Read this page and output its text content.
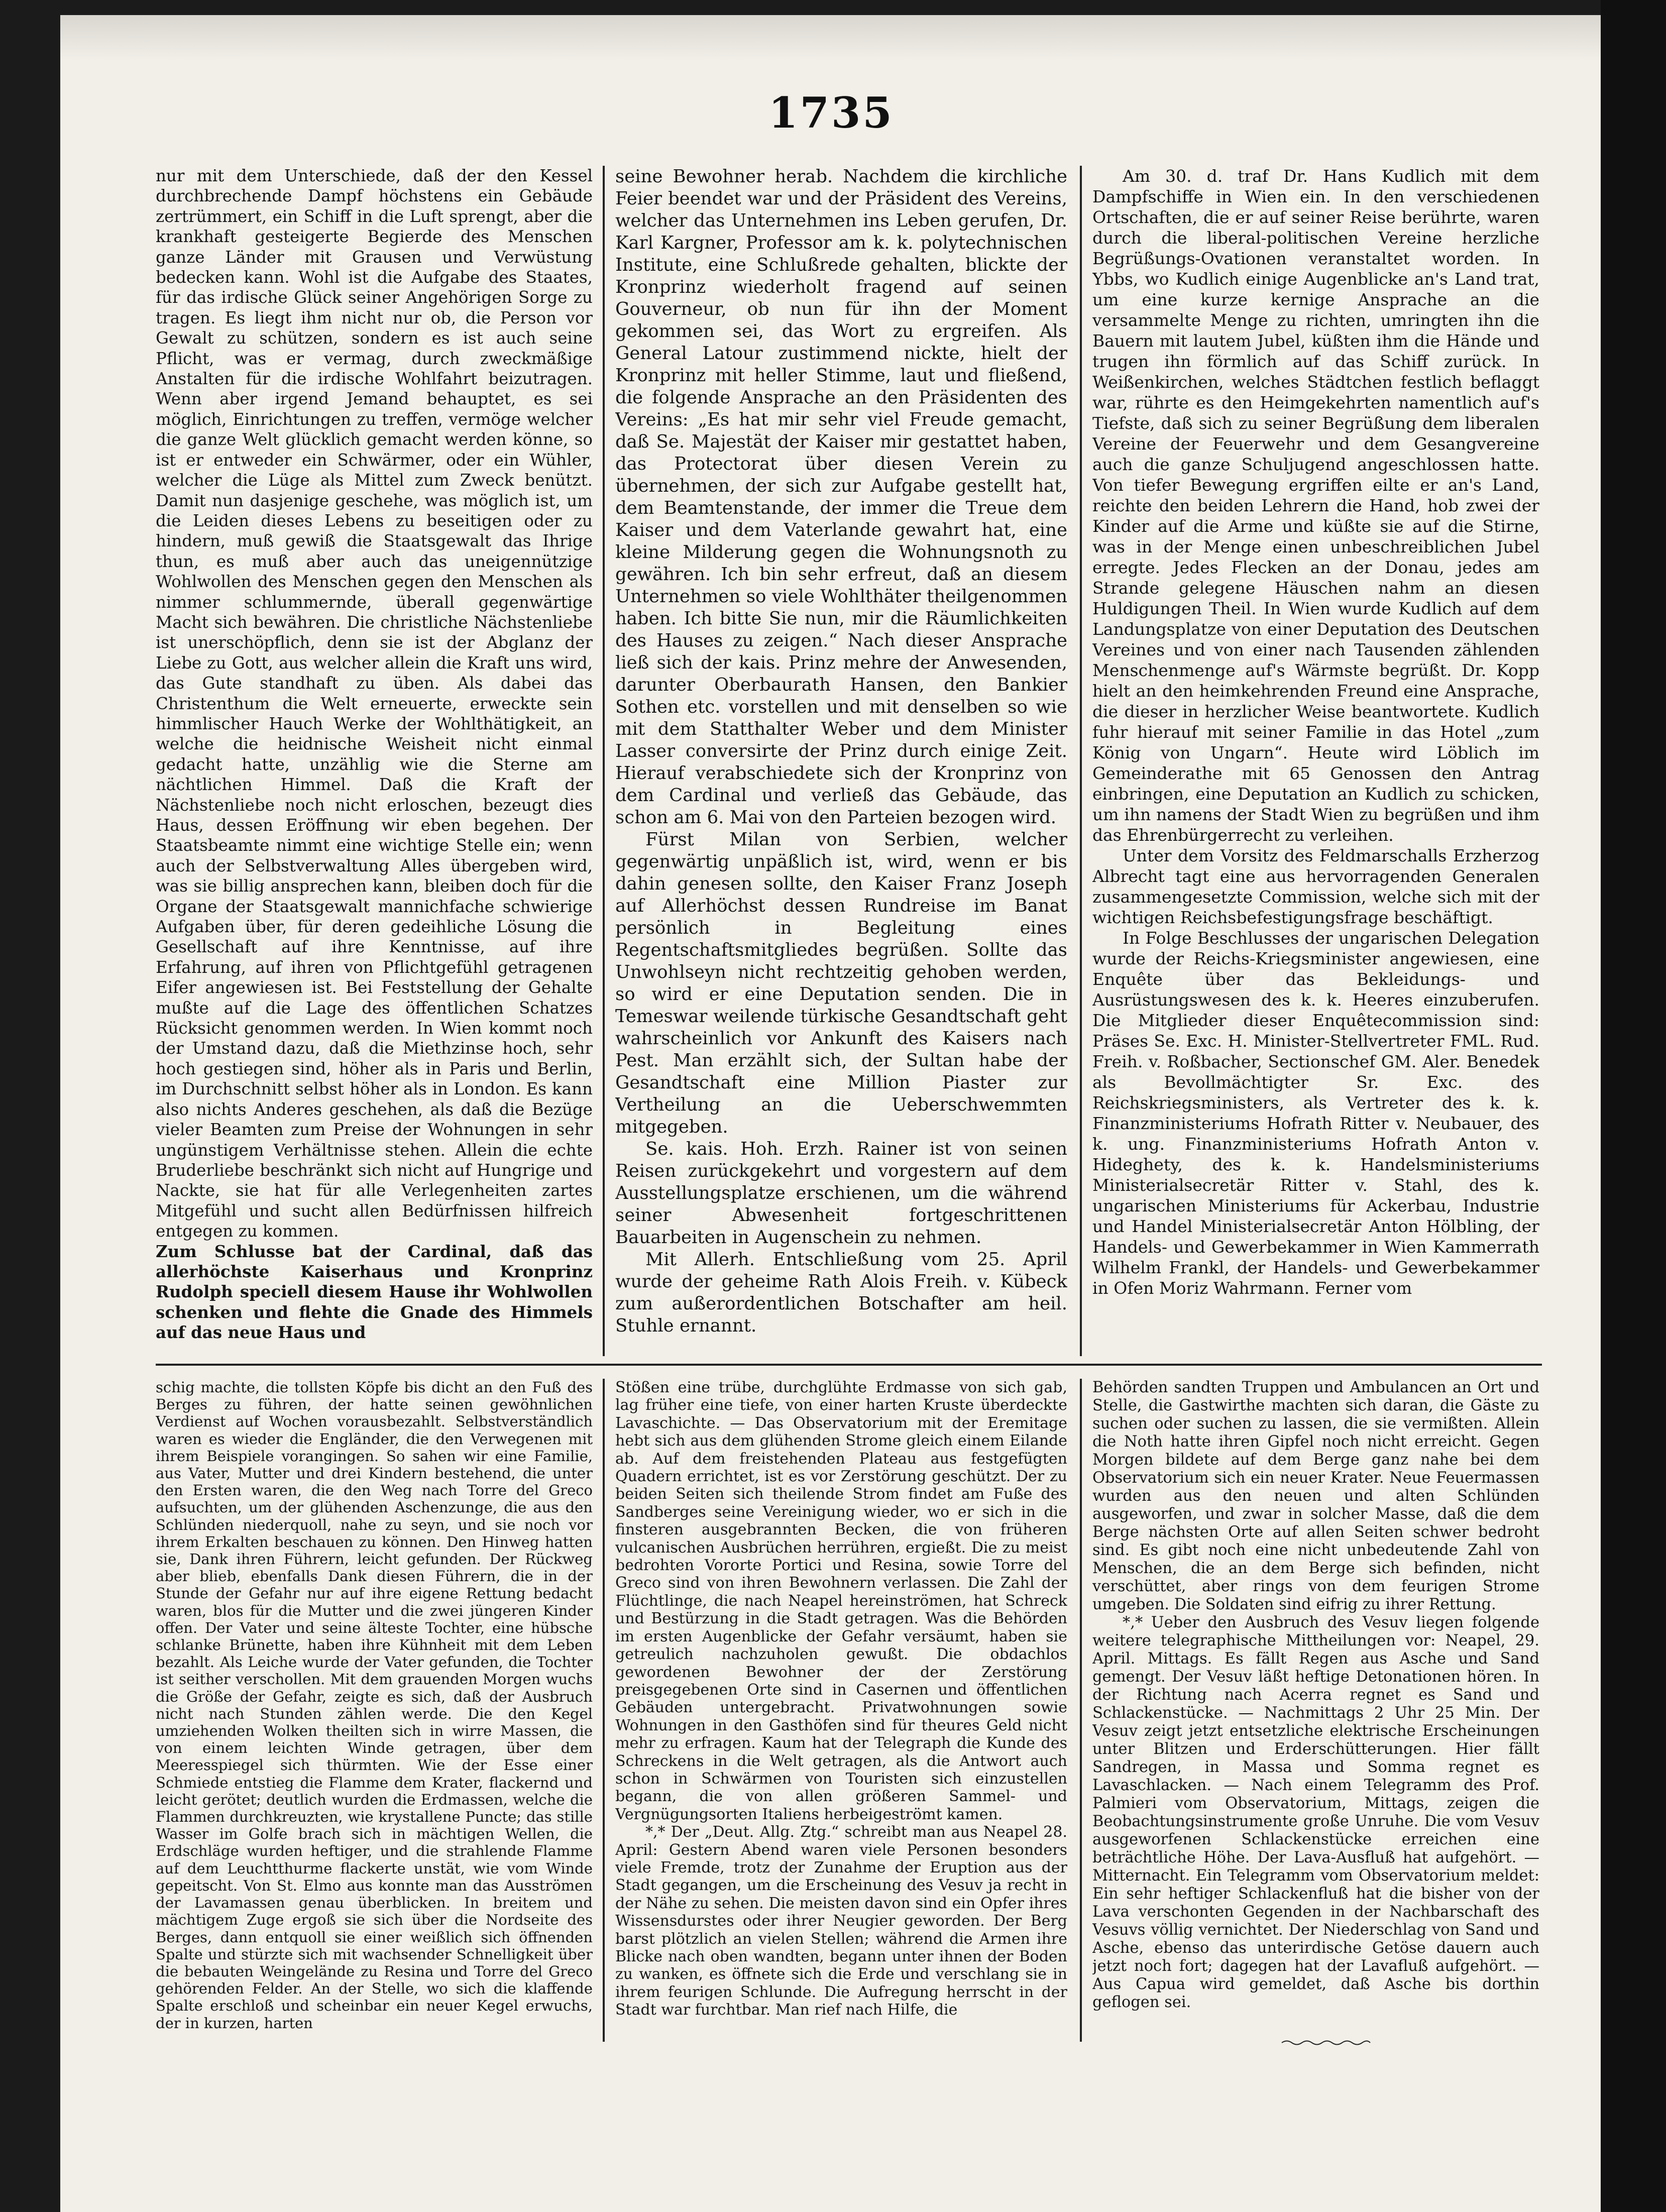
1735

nur mit dem Unterschiede, daß der den Kessel durchbrechende Dampf höchstens ein Gebäude zertrümmert, ein Schiff in die Luft sprengt, aber die krankhaft gesteigerte Begierde des Menschen ganze Länder mit Grausen und Verwüstung bedecken kann. Wohl ist die Aufgabe des Staates, für das irdische Glück seiner Angehörigen Sorge zu tragen. Es liegt ihm nicht nur ob, die Person vor Gewalt zu schützen, sondern es ist auch seine Pflicht, was er vermag, durch zweckmäßige Anstalten für die irdische Wohlfahrt beizutragen. Wenn aber irgend Jemand behauptet, es sei möglich, Einrichtungen zu treffen, vermöge welcher die ganze Welt glücklich gemacht werden könne, so ist er entweder ein Schwärmer, oder ein Wühler, welcher die Lüge als Mittel zum Zweck benützt. Damit nun dasjenige geschehe, was möglich ist, um die Leiden dieses Lebens zu beseitigen oder zu hindern, muß gewiß die Staatsgewalt das Ihrige thun, es muß aber auch das uneigennützige Wohlwollen des Menschen gegen den Menschen als nimmer schlummernde, überall gegenwärtige Macht sich bewähren. Die christliche Nächstenliebe ist unerschöpflich, denn sie ist der Abglanz der Liebe zu Gott, aus welcher allein die Kraft uns wird, das Gute standhaft zu üben. Als dabei das Christenthum die Welt erneuerte, erweckte sein himmlischer Hauch Werke der Wohlthätigkeit, an welche die heidnische Weisheit nicht einmal gedacht hatte, unzählig wie die Sterne am nächtlichen Himmel. Daß die Kraft der Nächstenliebe noch nicht erloschen, bezeugt dies Haus, dessen Eröffnung wir eben begehen. Der Staatsbeamte nimmt eine wichtige Stelle ein; wenn auch der Selbstverwaltung Alles übergeben wird, was sie billig ansprechen kann, bleiben doch für die Organe der Staatsgewalt mannichfache schwierige Aufgaben über, für deren gedeihliche Lösung die Gesellschaft auf ihre Kenntnisse, auf ihre Erfahrung, auf ihren von Pflichtgefühl getragenen Eifer angewiesen ist. Bei Feststellung der Gehalte mußte auf die Lage des öffentlichen Schatzes Rücksicht genommen werden. In Wien kommt noch der Umstand dazu, daß die Miethzinse hoch, sehr hoch gestiegen sind, höher als in Paris und Berlin, im Durchschnitt selbst höher als in London. Es kann also nichts Anderes geschehen, als daß die Bezüge vieler Beamten zum Preise der Wohnungen in sehr ungünstigem Verhältnisse stehen. Allein die echte Bruderliebe beschränkt sich nicht auf Hungrige und Nackte, sie hat für alle Verlegenheiten zartes Mitgefühl und sucht allen Bedürfnissen hilfreich entgegen zu kommen.

Zum Schlusse bat der Cardinal, daß das allerhöchste Kaiserhaus und Kronprinz Rudolph speciell diesem Hause ihr Wohlwollen schenken und flehte die Gnade des Himmels auf das neue Haus und

seine Bewohner herab. Nachdem die kirchliche Feier beendet war und der Präsident des Vereins, welcher das Unternehmen ins Leben gerufen, Dr. Karl Kargner, Professor am k. k. polytechnischen Institute, eine Schlußrede gehalten, blickte der Kronprinz wiederholt fragend auf seinen Gouverneur, ob nun für ihn der Moment gekommen sei, das Wort zu ergreifen. Als General Latour zustimmend nickte, hielt der Kronprinz mit heller Stimme, laut und fließend, die folgende Ansprache an den Präsidenten des Vereins: „Es hat mir sehr viel Freude gemacht, daß Se. Majestät der Kaiser mir gestattet haben, das Protectorat über diesen Verein zu übernehmen, der sich zur Aufgabe gestellt hat, dem Beamtenstande, der immer die Treue dem Kaiser und dem Vaterlande gewahrt hat, eine kleine Milderung gegen die Wohnungsnoth zu gewähren. Ich bin sehr erfreut, daß an diesem Unternehmen so viele Wohlthäter theilgenommen haben. Ich bitte Sie nun, mir die Räumlichkeiten des Hauses zu zeigen.“ Nach dieser Ansprache ließ sich der kais. Prinz mehre der Anwesenden, darunter Oberbaurath Hansen, den Bankier Sothen etc. vorstellen und mit denselben so wie mit dem Statthalter Weber und dem Minister Lasser conversirte der Prinz durch einige Zeit. Hierauf verabschiedete sich der Kronprinz von dem Cardinal und verließ das Gebäude, das schon am 6. Mai von den Parteien bezogen wird.

Fürst Milan von Serbien, welcher gegenwärtig unpäßlich ist, wird, wenn er bis dahin genesen sollte, den Kaiser Franz Joseph auf Allerhöchst dessen Rundreise im Banat persönlich in Begleitung eines Regentschaftsmitgliedes begrüßen. Sollte das Unwohlseyn nicht rechtzeitig gehoben werden, so wird er eine Deputation senden. Die in Temeswar weilende türkische Gesandtschaft geht wahrscheinlich vor Ankunft des Kaisers nach Pest. Man erzählt sich, der Sultan habe der Gesandtschaft eine Million Piaster zur Vertheilung an die Ueberschwemmten mitgegeben.

Se. kais. Hoh. Erzh. Rainer ist von seinen Reisen zurückgekehrt und vorgestern auf dem Ausstellungsplatze erschienen, um die während seiner Abwesenheit fortgeschrittenen Bauarbeiten in Augenschein zu nehmen.

Mit Allerh. Entschließung vom 25. April wurde der geheime Rath Alois Freih. v. Kübeck zum außerordentlichen Botschafter am heil. Stuhle ernannt.

Am 30. d. traf Dr. Hans Kudlich mit dem Dampfschiffe in Wien ein. In den verschiedenen Ortschaften, die er auf seiner Reise berührte, waren durch die liberal-politischen Vereine herzliche Begrüßungs-Ovationen veranstaltet worden. In Ybbs, wo Kudlich einige Augenblicke an's Land trat, um eine kurze kernige Ansprache an die versammelte Menge zu richten, umringten ihn die Bauern mit lautem Jubel, küßten ihm die Hände und trugen ihn förmlich auf das Schiff zurück. In Weißenkirchen, welches Städtchen festlich beflaggt war, rührte es den Heimgekehrten namentlich auf's Tiefste, daß sich zu seiner Begrüßung dem liberalen Vereine der Feuerwehr und dem Gesangvereine auch die ganze Schuljugend angeschlossen hatte. Von tiefer Bewegung ergriffen eilte er an's Land, reichte den beiden Lehrern die Hand, hob zwei der Kinder auf die Arme und küßte sie auf die Stirne, was in der Menge einen unbeschreiblichen Jubel erregte. Jedes Flecken an der Donau, jedes am Strande gelegene Häuschen nahm an diesen Huldigungen Theil. In Wien wurde Kudlich auf dem Landungsplatze von einer Deputation des Deutschen Vereines und von einer nach Tausenden zählenden Menschenmenge auf's Wärmste begrüßt. Dr. Kopp hielt an den heimkehrenden Freund eine Ansprache, die dieser in herzlicher Weise beantwortete. Kudlich fuhr hierauf mit seiner Familie in das Hotel „zum König von Ungarn“. Heute wird Löblich im Gemeinderathe mit 65 Genossen den Antrag einbringen, eine Deputation an Kudlich zu schicken, um ihn namens der Stadt Wien zu begrüßen und ihm das Ehrenbürgerrecht zu verleihen.

Unter dem Vorsitz des Feldmarschalls Erzherzog Albrecht tagt eine aus hervorragenden Generalen zusammengesetzte Commission, welche sich mit der wichtigen Reichsbefestigungsfrage beschäftigt.

In Folge Beschlusses der ungarischen Delegation wurde der Reichs-Kriegsminister angewiesen, eine Enquête über das Bekleidungs- und Ausrüstungswesen des k. k. Heeres einzuberufen. Die Mitglieder dieser Enquêtecommission sind: Präses Se. Exc. H. Minister-Stellvertreter FML. Rud. Freih. v. Roßbacher, Sectionschef GM. Aler. Benedek als Bevollmächtigter Sr. Exc. des Reichskriegsministers, als Vertreter des k. k. Finanzministeriums Hofrath Ritter v. Neubauer, des k. ung. Finanzministeriums Hofrath Anton v. Hideghety, des k. k. Handelsministeriums Ministerialsecretär Ritter v. Stahl, des k. ungarischen Ministeriums für Ackerbau, Industrie und Handel Ministerialsecretär Anton Hölbling, der Handels- und Gewerbekammer in Wien Kammerrath Wilhelm Frankl, der Handels- und Gewerbekammer in Ofen Moriz Wahrmann. Ferner vom

schig machte, die tollsten Köpfe bis dicht an den Fuß des Berges zu führen, der hatte seinen gewöhnlichen Verdienst auf Wochen vorausbezahlt. Selbstverständlich waren es wieder die Engländer, die den Verwegenen mit ihrem Beispiele vorangingen. So sahen wir eine Familie, aus Vater, Mutter und drei Kindern bestehend, die unter den Ersten waren, die den Weg nach Torre del Greco aufsuchten, um der glühenden Aschenzunge, die aus den Schlünden niederquoll, nahe zu seyn, und sie noch vor ihrem Erkalten beschauen zu können. Den Hinweg hatten sie, Dank ihren Führern, leicht gefunden. Der Rückweg aber blieb, ebenfalls Dank diesen Führern, die in der Stunde der Gefahr nur auf ihre eigene Rettung bedacht waren, blos für die Mutter und die zwei jüngeren Kinder offen. Der Vater und seine älteste Tochter, eine hübsche schlanke Brünette, haben ihre Kühnheit mit dem Leben bezahlt. Als Leiche wurde der Vater gefunden, die Tochter ist seither verschollen. Mit dem grauenden Morgen wuchs die Größe der Gefahr, zeigte es sich, daß der Ausbruch nicht nach Stunden zählen werde. Die den Kegel umziehenden Wolken theilten sich in wirre Massen, die von einem leichten Winde getragen, über dem Meeresspiegel sich thürmten. Wie der Esse einer Schmiede entstieg die Flamme dem Krater, flackernd und leicht gerötet; deutlich wurden die Erdmassen, welche die Flammen durchkreuzten, wie krystallene Puncte; das stille Wasser im Golfe brach sich in mächtigen Wellen, die Erdschläge wurden heftiger, und die strahlende Flamme auf dem Leuchtthurme flackerte unstät, wie vom Winde gepeitscht. Von St. Elmo aus konnte man das Ausströmen der Lavamassen genau überblicken. In breitem und mächtigem Zuge ergoß sie sich über die Nordseite des Berges, dann entquoll sie einer weißlich sich öffnenden Spalte und stürzte sich mit wachsender Schnelligkeit über die bebauten Weingelände zu Resina und Torre del Greco gehörenden Felder. An der Stelle, wo sich die klaffende Spalte erschloß und scheinbar ein neuer Kegel erwuchs, der in kurzen, harten

Stößen eine trübe, durchglühte Erdmasse von sich gab, lag früher eine tiefe, von einer harten Kruste überdeckte Lavaschichte. — Das Observatorium mit der Eremitage hebt sich aus dem glühenden Strome gleich einem Eilande ab. Auf dem freistehenden Plateau aus festgefügten Quadern errichtet, ist es vor Zerstörung geschützt. Der zu beiden Seiten sich theilende Strom findet am Fuße des Sandberges seine Vereinigung wieder, wo er sich in die finsteren ausgebrannten Becken, die von früheren vulcanischen Ausbrüchen herrühren, ergießt. Die zu meist bedrohten Vororte Portici und Resina, sowie Torre del Greco sind von ihren Bewohnern verlassen. Die Zahl der Flüchtlinge, die nach Neapel hereinströmen, hat Schreck und Bestürzung in die Stadt getragen. Was die Behörden im ersten Augenblicke der Gefahr versäumt, haben sie getreulich nachzuholen gewußt. Die obdachlos gewordenen Bewohner der der Zerstörung preisgegebenen Orte sind in Casernen und öffentlichen Gebäuden untergebracht. Privatwohnungen sowie Wohnungen in den Gasthöfen sind für theures Geld nicht mehr zu erfragen. Kaum hat der Telegraph die Kunde des Schreckens in die Welt getragen, als die Antwort auch schon in Schwärmen von Touristen sich einzustellen begann, die von allen größeren Sammel- und Vergnügungsorten Italiens herbeigeströmt kamen.

*,* Der „Deut. Allg. Ztg.“ schreibt man aus Neapel 28. April: Gestern Abend waren viele Personen besonders viele Fremde, trotz der Zunahme der Eruption aus der Stadt gegangen, um die Erscheinung des Vesuv ja recht in der Nähe zu sehen. Die meisten davon sind ein Opfer ihres Wissensdurstes oder ihrer Neugier geworden. Der Berg barst plötzlich an vielen Stellen; während die Armen ihre Blicke nach oben wandten, begann unter ihnen der Boden zu wanken, es öffnete sich die Erde und verschlang sie in ihrem feurigen Schlunde. Die Aufregung herrscht in der Stadt war furchtbar. Man rief nach Hilfe, die

Behörden sandten Truppen und Ambulancen an Ort und Stelle, die Gastwirthe machten sich daran, die Gäste zu suchen oder suchen zu lassen, die sie vermißten. Allein die Noth hatte ihren Gipfel noch nicht erreicht. Gegen Morgen bildete auf dem Berge ganz nahe bei dem Observatorium sich ein neuer Krater. Neue Feuermassen wurden aus den neuen und alten Schlünden ausgeworfen, und zwar in solcher Masse, daß die dem Berge nächsten Orte auf allen Seiten schwer bedroht sind. Es gibt noch eine nicht unbedeutende Zahl von Menschen, die an dem Berge sich befinden, nicht verschüttet, aber rings von dem feurigen Strome umgeben. Die Soldaten sind eifrig zu ihrer Rettung.

*,* Ueber den Ausbruch des Vesuv liegen folgende weitere telegraphische Mittheilungen vor: Neapel, 29. April. Mittags. Es fällt Regen aus Asche und Sand gemengt. Der Vesuv läßt heftige Detonationen hören. In der Richtung nach Acerra regnet es Sand und Schlackenstücke. — Nachmittags 2 Uhr 25 Min. Der Vesuv zeigt jetzt entsetzliche elektrische Erscheinungen unter Blitzen und Erderschütterungen. Hier fällt Sandregen, in Massa und Somma regnet es Lavaschlacken. — Nach einem Telegramm des Prof. Palmieri vom Observatorium, Mittags, zeigen die Beobachtungsinstrumente große Unruhe. Die vom Vesuv ausgeworfenen Schlackenstücke erreichen eine beträchtliche Höhe. Der Lava-Ausfluß hat aufgehört. — Mitternacht. Ein Telegramm vom Observatorium meldet: Ein sehr heftiger Schlackenfluß hat die bisher von der Lava verschonten Gegenden in der Nachbarschaft des Vesuvs völlig vernichtet. Der Niederschlag von Sand und Asche, ebenso das unterirdische Getöse dauern auch jetzt noch fort; dagegen hat der Lavafluß aufgehört. — Aus Capua wird gemeldet, daß Asche bis dorthin geflogen sei.
